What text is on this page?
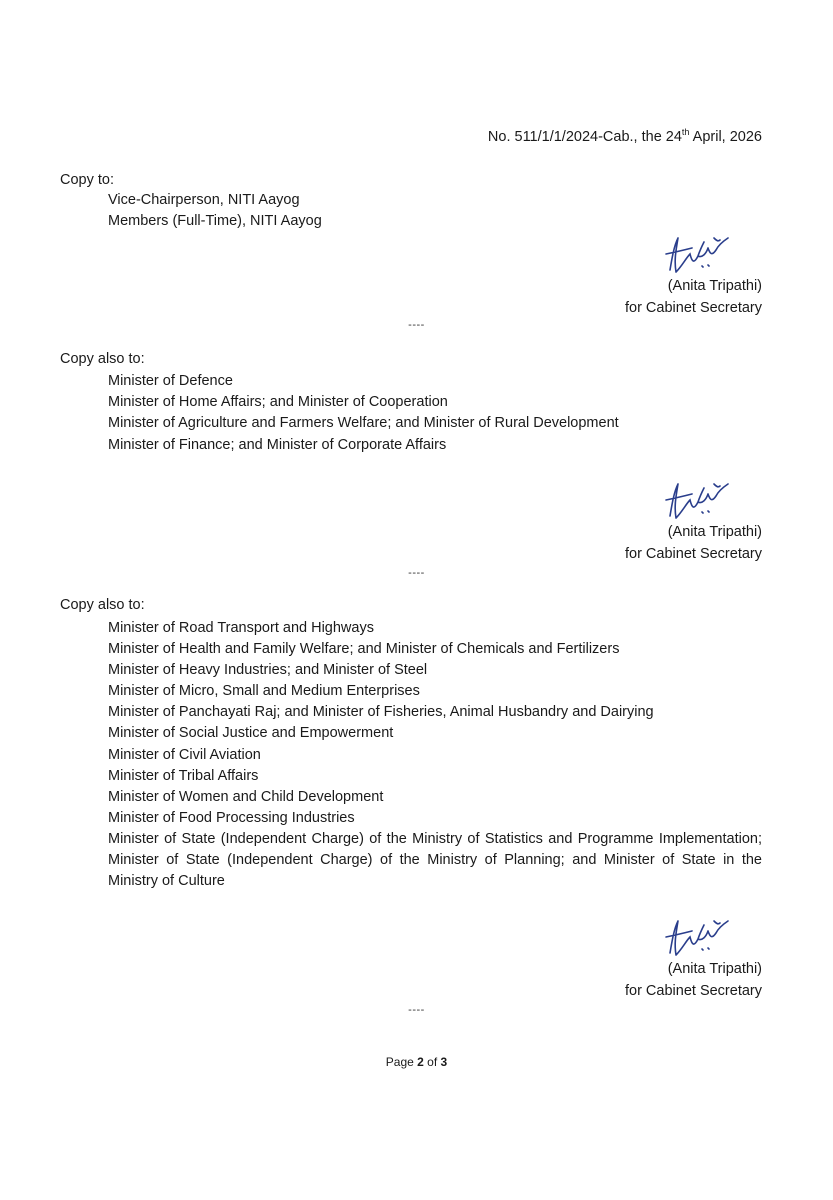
No. 511/1/1/2024-Cab., the 24th April, 2026
Copy to:
Vice-Chairperson, NITI Aayog
Members (Full-Time), NITI Aayog
(Anita Tripathi)
for Cabinet Secretary
----
Copy also to:
Minister of Defence
Minister of Home Affairs; and Minister of Cooperation
Minister of Agriculture and Farmers Welfare; and Minister of Rural Development
Minister of Finance; and Minister of Corporate Affairs
(Anita Tripathi)
for Cabinet Secretary
----
Copy also to:
Minister of Road Transport and Highways
Minister of Health and Family Welfare; and Minister of Chemicals and Fertilizers
Minister of Heavy Industries; and Minister of Steel
Minister of Micro, Small and Medium Enterprises
Minister of Panchayati Raj; and Minister of Fisheries, Animal Husbandry and Dairying
Minister of Social Justice and Empowerment
Minister of Civil Aviation
Minister of Tribal Affairs
Minister of Women and Child Development
Minister of Food Processing Industries
Minister of State (Independent Charge) of the Ministry of Statistics and Programme Implementation; Minister of State (Independent Charge) of the Ministry of Planning; and Minister of State in the Ministry of Culture
(Anita Tripathi)
for Cabinet Secretary
----
Page 2 of 3
